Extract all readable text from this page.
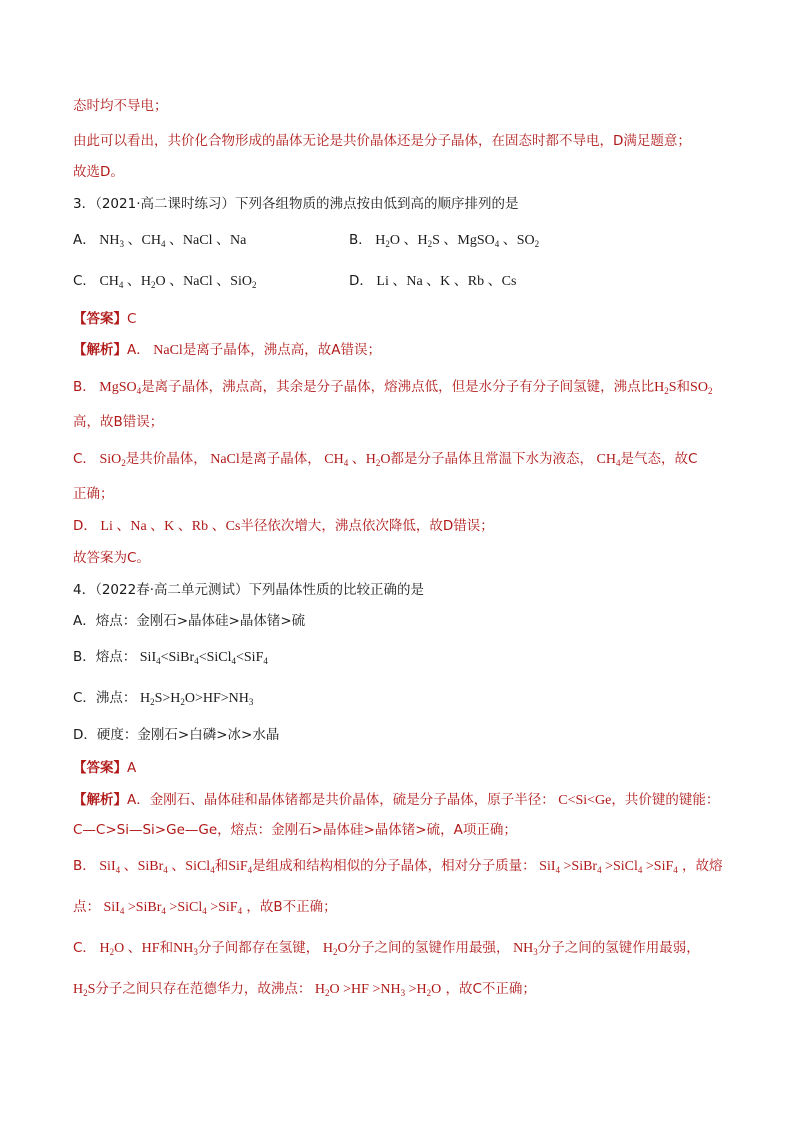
态时均不导电；
由此可以看出，共价化合物形成的晶体无论是共价晶体还是分子晶体，在固态时都不导电，D满足题意；
故选D。
3．（2021·高二课时练习）下列各组物质的沸点按由低到高的顺序排列的是
A． $NH_3$ 、$CH_4$ 、NaCl 、Na	B． $H_2O$ 、$H_2S$ 、MgSO$_4$ 、$SO_2$
C． $CH_4$ 、$H_2O$ 、NaCl 、SiO$_2$	D． Li 、Na 、K 、Rb 、Cs
【答案】C
【解析】A． NaCl是离子晶体，沸点高，故A错误；
B． MgSO$_4$是离子晶体，沸点高，其余是分子晶体，熔沸点低，但是水分子有分子间氢键，沸点比$H_2S$和$SO_2$
高，故B错误；
C． SiO$_2$是共价晶体， NaCl是离子晶体， $CH_4$ 、$H_2O$都是分子晶体且常温下水为液态， $CH_4$是气态，故C
正确；
D． Li 、Na 、K 、Rb 、Cs半径依次增大，沸点依次降低，故D错误；
故答案为C。
4．（2022春·高二单元测试）下列晶体性质的比较正确的是
A．熔点：金刚石>晶体硅>晶体锗>硫
B．熔点： SiI$_4$<SiBr$_4$<SiCl$_4$<SiF$_4$
C．沸点： $H_2S>H_2O>HF>NH_3$
D．硬度：金刚石>白磷>冰>水晶
【答案】A
【解析】A．金刚石、晶体硅和晶体锗都是共价晶体，硫是分子晶体，原子半径： C<Si<Ge，共价键的键能：
C—C>Si—Si>Ge—Ge，熔点：金刚石>晶体硅>晶体锗>硫，A项正确；
B． SiI$_4$ 、SiBr$_4$ 、SiCl$_4$和SiF$_4$是组成和结构相似的分子晶体，相对分子质量： SiI$_4$ >SiBr$_4$ >SiCl$_4$ >SiF$_4$ ，故熔
点： SiI$_4$ >SiBr$_4$ >SiCl$_4$ >SiF$_4$ ，故B不正确；
C． $H_2O$ 、HF和$NH_3$分子间都存在氢键， $H_2O$分子之间的氢键作用最强， $NH_3$分子之间的氢键作用最弱，
$H_2S$分子之间只存在范德华力，故沸点： $H_2O >HF >NH_3 >H_2O$ ，故C不正确；
